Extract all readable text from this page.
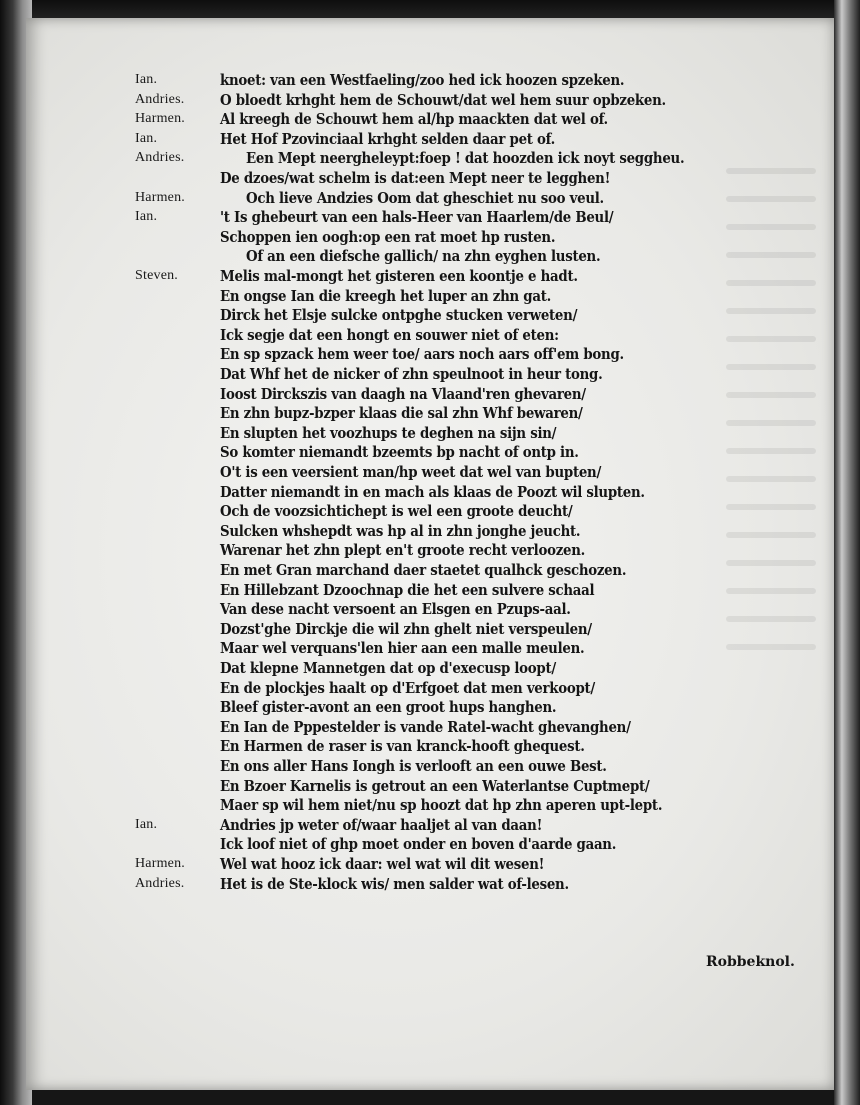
Ian.	knoet: van een Westfaeling/zoo hed ick hoozen spzeken.
Andries. O bloedt krhght hem de Schouwt/dat wel hem suur opbzeken.
Harmen. Al kreegh de Schouwt hem al/hp maackten dat wel of.
Ian.	Het Hof Pzovinciaal krhght selden daar pet of.
Andries.	Een Mept neergheleypt:foep ! dat hoozden ick noyt seggheu.
De dzoes/wat schelm is dat:een Mept neer te legghen!
Harmen.	Och lieve Andzies Oom dat gheschiet nu soo veul.
Ian.	't Is ghebeurt van een hals-Heer van Haarlem/de Beul/
Schoppen ien oogh:op een rat moet hp rusten.
Of an een diefsche gallich/ na zhn eyghen lusten.
Steven.	Melis mal-mongt het gisteren een koontje e hadt.
En ongse Ian die kreegh het luper an zhn gat.
Dirck het Elsje sulcke ontpghe stucken verweten/
Ick segje dat een hongt en souwer niet of eten:
En sp spzack hem weer toe/ aars noch aars off'em bong.
Dat Whf het de nicker of zhn speulnoot in heur tong.
Ioost Dirckszis van daagh na Vlaand'ren ghevaren/
En zhn bupz-bzper klaas die sal zhn Whf bewaren/
En slupten het voozhups te deghen na sijn sin/
So komter niemandt bzeemts bp nacht of ontp in.
O't is een veersient man/hp weet dat wel van bupten/
Datter niemandt in en mach als klaas de Poozt wil slupten.
Och de voozsichtichept is wel een groote deucht/
Sulcken whshepdt was hp al in zhn jonghe jeucht.
Warenar het zhn plept en't groote recht verloozen.
En met Gran marchand daer staetet qualhck geschozen.
En Hillebzant Dzoochnap die het een sulvere schaal
Van dese nacht versoent an Elsgen en Pzups-aal.
Dozst'ghe Dirckje die wil zhn ghelt niet verspeulen/
Maar wel verquans'len hier aan een malle meulen.
Dat klepne Mannetgen dat op d'execusp loopt/
En de plockjes haalt op d'Erfgoet dat men verkoopt/
Bleef gister-avont an een groot hups hanghen.
En Ian de Pppestelder is vande Ratel-wacht ghevanghen/
En Harmen de raser is van kranck-hooft ghequest.
En ons aller Hans Iongh is verlooft an een ouwe Best.
En Bzoer Karnelis is getrout an een Waterlantse Cuptmept/
Maer sp wil hem niet/nu sp hoozt dat hp zhn aperen upt-lept.
Ian.	Andries jp weter of/waar haaljet al van daan!
Ick loof niet of ghp moet onder en boven d'aarde gaan.
Harmen. Wel wat hooz ick daar: wel wat wil dit wesen!
Andries. Het is de Ste-klock wis/ men salder wat of-lesen.
Robbeknol.
